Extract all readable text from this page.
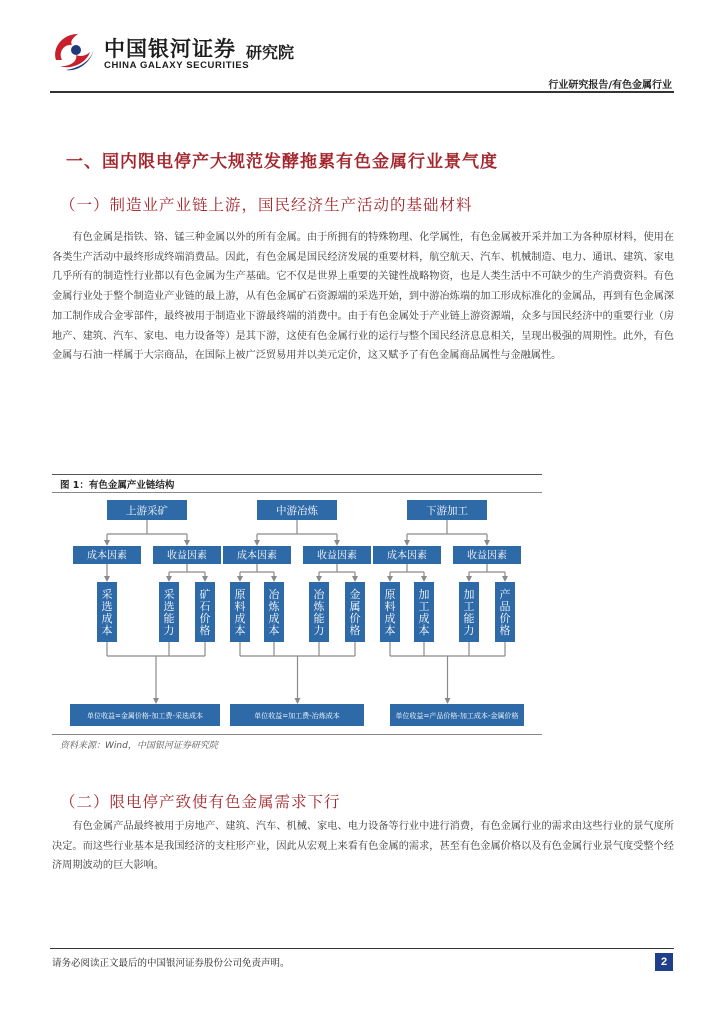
中国银河证券
CHINA GALAXY SECURITIES
研究院
行业研究报告/有色金属行业
一、国内限电停产大规范发酵拖累有色金属行业景气度
（一）制造业产业链上游，国民经济生产活动的基础材料

有色金属是指铁、铬、锰三种金属以外的所有金属。由于所拥有的特殊物理、化学属性，有色金属被开采并加工为各种原材料，使用在各类生产活动中最终形成终端消费品。因此，有色金属是国民经济发展的重要材料，航空航天、汽车、机械制造、电力、通讯、建筑、家电几乎所有的制造性行业都以有色金属为生产基础。它不仅是世界上重要的关键性战略物资，也是人类生活中不可缺少的生产消费资料。有色金属行业处于整个制造业产业链的最上游，从有色金属矿石资源端的采选开始，到中游冶炼端的加工形成标准化的金属品，再到有色金属深加工制作成合金零部件，最终被用于制造业下游最终端的消费中。由于有色金属处于产业链上游资源端，众多与国民经济中的重要行业（房地产、建筑、汽车、家电、电力设备等）是其下游，这使有色金属行业的运行与整个国民经济息息相关，呈现出极强的周期性。此外，有色金属与石油一样属于大宗商品，在国际上被广泛贸易用并以美元定价，这又赋予了有色金属商品属性与金融属性。

图 1：有色金属产业链结构
上游采矿
成本因素	收益因素
采选成本
采选能力
矿石价格
单位收益=金属价格-加工费-采选成本
中游冶炼
成本因素	收益因素
原料成本
冶炼成本
冶炼能力
金属价格
单位收益=加工费-冶炼成本
下游加工
成本因素	收益因素
原料成本
加工成本
加工能力
产品价格
单位收益=产品价格-加工成本-金属价格
资料来源：Wind，中国银河证券研究院
（二）限电停产致使有色金属需求下行

有色金属产品最终被用于房地产、建筑、汽车、机械、家电、电力设备等行业中进行消费，有色金属行业的需求由这些行业的景气度所决定。而这些行业基本是我国经济的支柱形产业，因此从宏观上来看有色金属的需求，甚至有色金属价格以及有色金属行业景气度受整个经济周期波动的巨大影响。

请务必阅读正文最后的中国银河证券股份公司免责声明。	2
